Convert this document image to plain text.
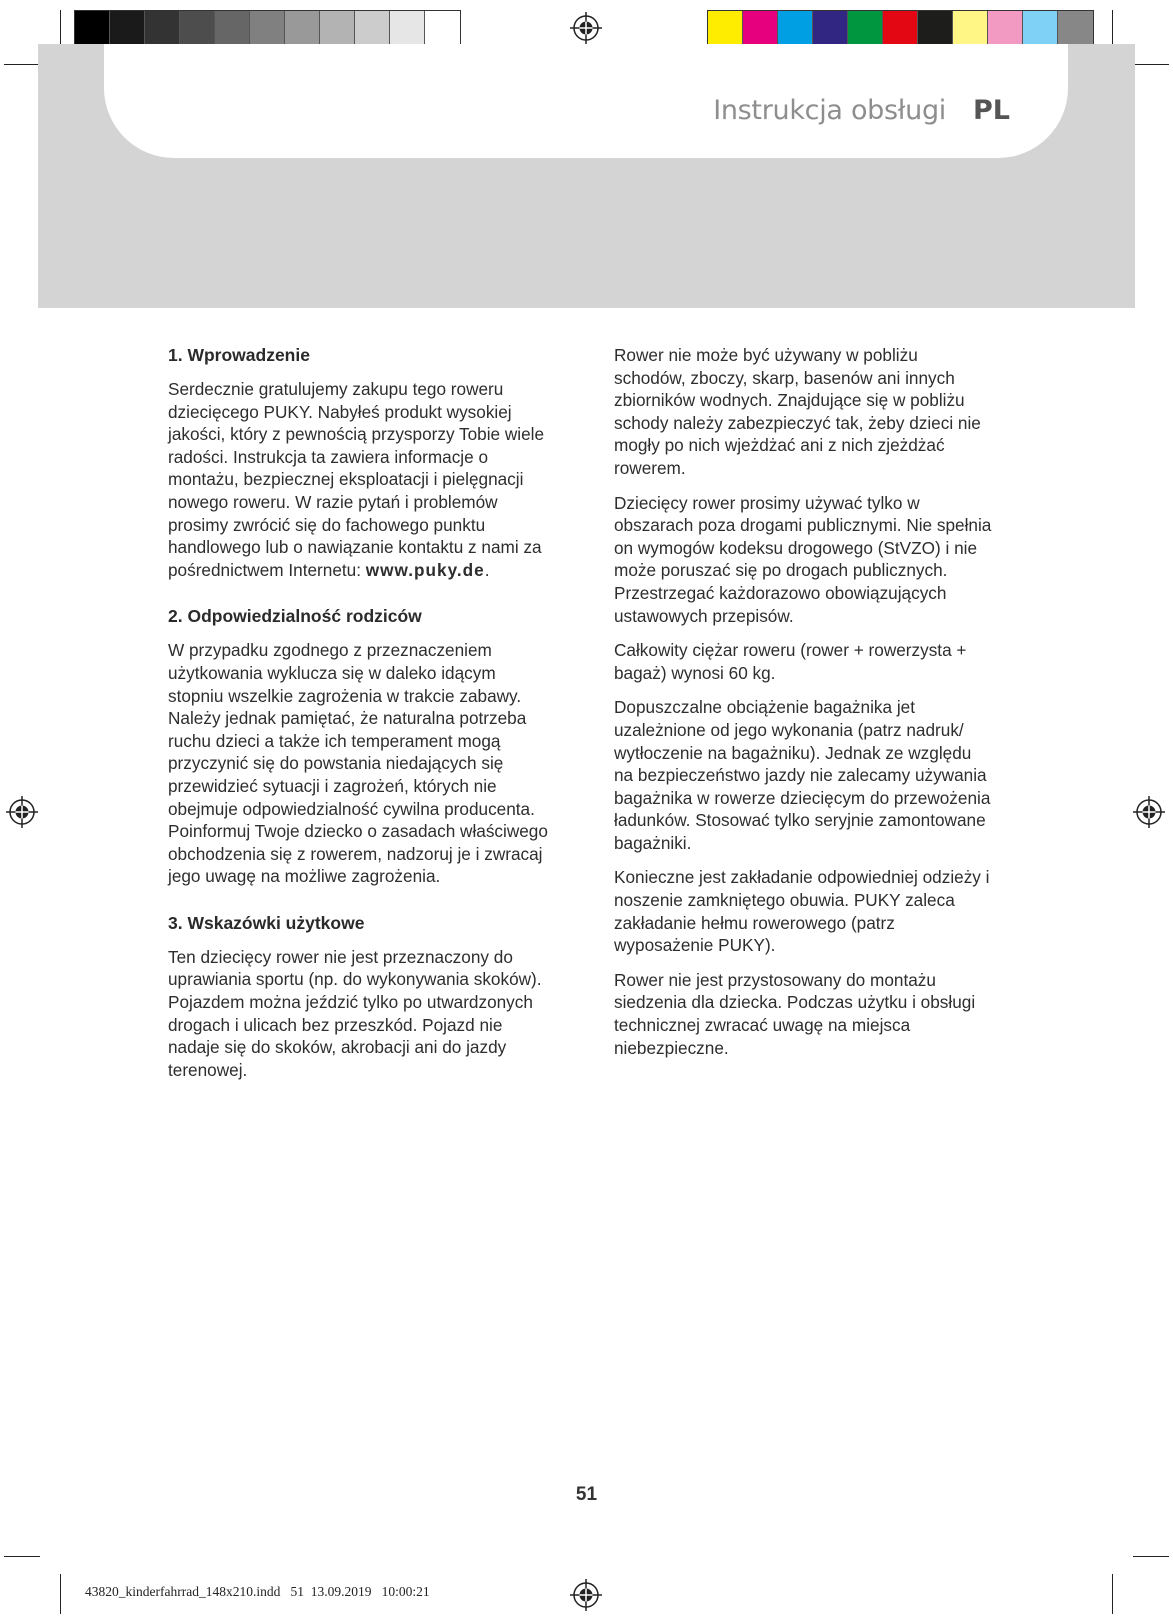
Instrukcja obsługi PL
1. Wprowadzenie

Serdecznie gratulujemy zakupu tego roweru dziecięcego PUKY. Nabyłeś produkt wysokiej jakości, który z pewnością przysporzy Tobie wiele radości. Instrukcja ta zawiera informacje o montażu, bezpiecznej eksploatacji i pielęgnacji nowego roweru. W razie pytań i problemów prosimy zwrócić się do fachowego punktu handlowego lub o nawiązanie kontaktu z nami za pośrednictwem Internetu: www.puky.de.

2. Odpowiedzialność rodziców

W przypadku zgodnego z przeznaczeniem użytkowania wyklucza się w daleko idącym stopniu wszelkie zagrożenia w trakcie zabawy. Należy jednak pamiętać, że naturalna potrzeba ruchu dzieci a także ich temperament mogą przyczynić się do powstania niedających się przewidzieć sytuacji i zagrożeń, których nie obejmuje odpowiedzialność cywilna producenta. Poinformuj Twoje dziecko o zasadach właściwego obchodzenia się z rowerem, nadzoruj je i zwracaj jego uwagę na możliwe zagrożenia.

3. Wskazówki użytkowe

Ten dziecięcy rower nie jest przeznaczony do uprawiania sportu (np. do wykonywania skoków). Pojazdem można jeździć tylko po utwardzonych drogach i ulicach bez przeszkód. Pojazd nie nadaje się do skoków, akrobacji ani do jazdy terenowej.

Rower nie może być używany w pobliżu schodów, zboczy, skarp, basenów ani innych zbiorników wodnych. Znajdujące się w pobliżu schody należy zabezpieczyć tak, żeby dzieci nie mogły po nich wjeżdżać ani z nich zjeżdżać rowerem.

Dziecięcy rower prosimy używać tylko w obszarach poza drogami publicznymi. Nie spełnia on wymogów kodeksu drogowego (StVZO) i nie może poruszać się po drogach publicznych. Przestrzegać każdorazowo obowiązujących ustawowych przepisów.

Całkowity ciężar roweru (rower + rowerzysta + bagaż) wynosi 60 kg.

Dopuszczalne obciążenie bagażnika jet uzależnione od jego wykonania (patrz nadruk/ wytłoczenie na bagażniku). Jednak ze względu na bezpieczeństwo jazdy nie zalecamy używania bagażnika w rowerze dziecięcym do przewożenia ładunków. Stosować tylko seryjnie zamontowane bagażniki.

Konieczne jest zakładanie odpowiedniej odzieży i noszenie zamkniętego obuwia. PUKY zaleca zakładanie hełmu rowerowego (patrz wyposażenie PUKY).

Rower nie jest przystosowany do montażu siedzenia dla dziecka. Podczas użytku i obsługi technicznej zwracać uwagę na miejsca niebezpieczne.

51
43820_kinderfahrrad_148x210.indd   51  13.09.2019   10:00:21
